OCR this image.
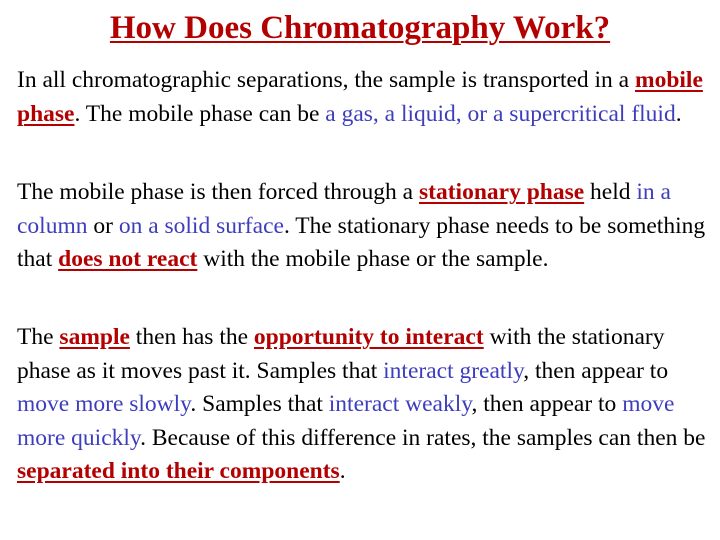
How Does Chromatography Work?

In all chromatographic separations, the sample is transported in a mobile phase. The mobile phase can be a gas, a liquid, or a supercritical fluid.

The mobile phase is then forced through a stationary phase held in a column or on a solid surface. The stationary phase needs to be something that does not react with the mobile phase or the sample.

The sample then has the opportunity to interact with the stationary phase as it moves past it. Samples that interact greatly, then appear to move more slowly. Samples that interact weakly, then appear to move more quickly. Because of this difference in rates, the samples can then be separated into their components.
